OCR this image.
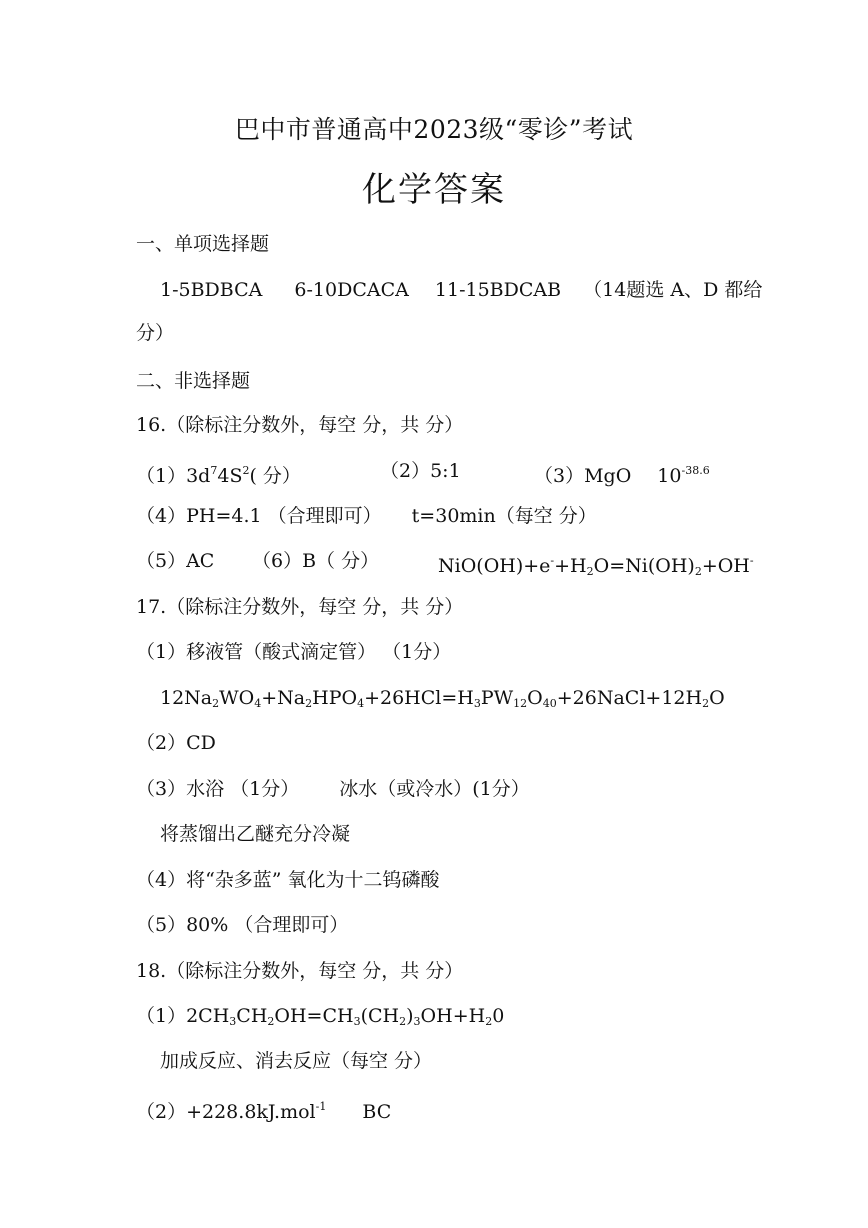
巴中市普通高中2023级“零诊”考试
化学答案
一、单项选择题
1-5BDBCA 6-10DCACA 11-15BDCAB （14题选 A、D 都给
分）
二、非选择题
16.（除标注分数外，每空 分，共 分）
$(1)3d^74S^2$( 分）	（2）5:1	（3）MgO $10^{-38.6}$
（4）PH=4.1 （合理即可） t=30min（每空 分）
（5）AC （6）B（ 分）	$NiO(OH)+e^-+H_2O=Ni(OH)_2+OH^-$
17.（除标注分数外，每空 分，共 分）
（1）移液管（酸式滴定管） （1分）
$12Na_2WO_4+Na_2HPO_4+26HCl=H_3PW_{12}O_{40}+26NaCl+12H_2O$
（2）CD
（3）水浴 （1分） 冰水（或冷水）(1分）
将蒸馏出乙醚充分冷凝
（4）将“杂多蓝” 氧化为十二钨磷酸
（5）80% （合理即可）
18.（除标注分数外，每空 分，共 分）
$(1)2CH_3CH_2OH=CH_3(CH_2)_3OH+H_20$
加成反应、消去反应（每空 分）
（2）+228.8kJ.mol$^{-1}$ BC
